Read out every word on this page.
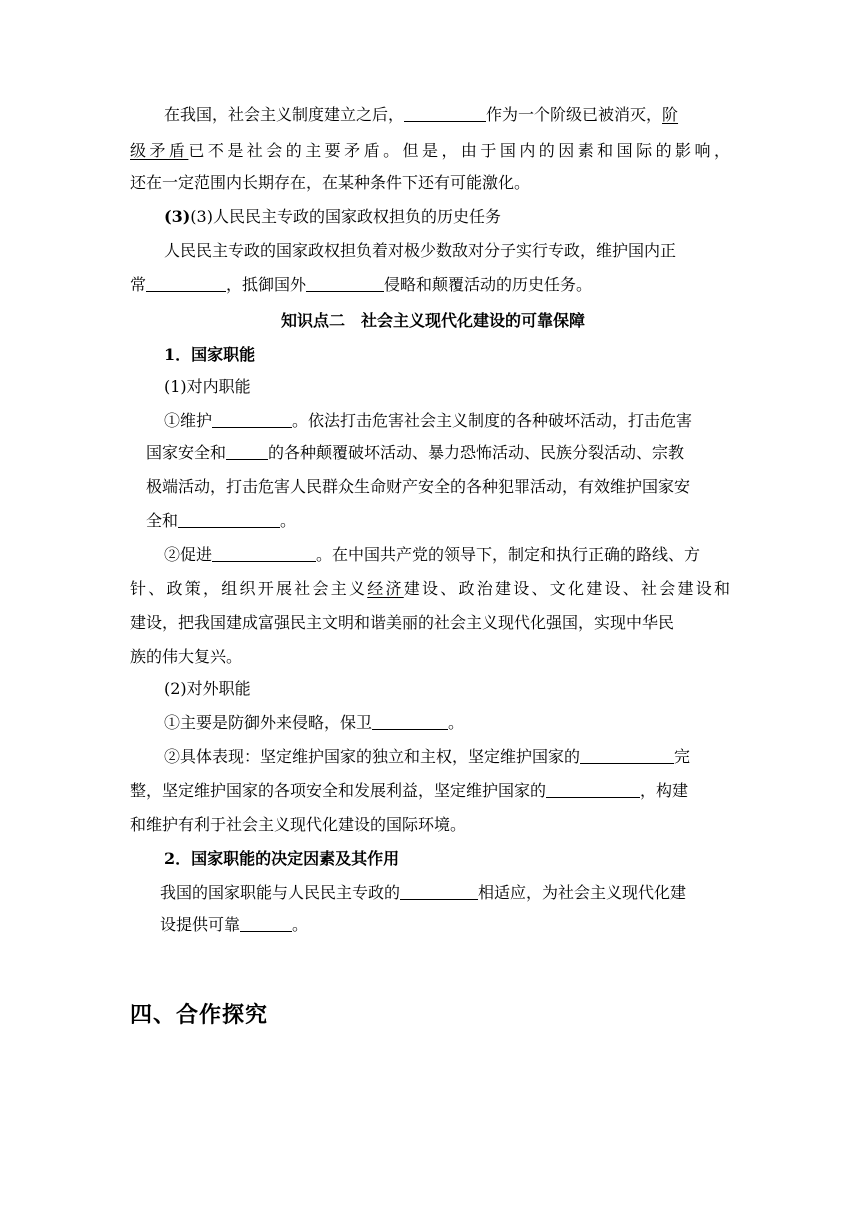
在我国，社会主义制度建立之后，	作为一个阶级已被消灭，阶
级矛盾已不是社会的主要矛盾。但是，由于国内的因素和国际的影响，
还在一定范围内长期存在，在某种条件下还有可能激化。
(3)(3)人民民主专政的国家政权担负的历史任务
人民民主专政的国家政权担负着对极少数敌对分子实行专政，维护国内正
常	，抵御国外	侵略和颠覆活动的历史任务。
知识点二　社会主义现代化建设的可靠保障
1．国家职能
(1)对内职能
①维护	。依法打击危害社会主义制度的各种破坏活动，打击危害
国家安全和	的各种颠覆破坏活动、暴力恐怖活动、民族分裂活动、宗教
极端活动，打击危害人民群众生命财产安全的各种犯罪活动，有效维护国家安
全和	。
②促进	。在中国共产党的领导下，制定和执行正确的路线、方
针、政策，组织开展社会主义经济建设、政治建设、文化建设、社会建设和
建设，把我国建成富强民主文明和谐美丽的社会主义现代化强国，实现中华民
族的伟大复兴。
(2)对外职能
①主要是防御外来侵略，保卫	。
②具体表现：坚定维护国家的独立和主权，坚定维护国家的	完
整，坚定维护国家的各项安全和发展利益，坚定维护国家的	，构建
和维护有利于社会主义现代化建设的国际环境。
2．国家职能的决定因素及其作用
我国的国家职能与人民民主专政的	相适应，为社会主义现代化建
设提供可靠	。
四、合作探究
